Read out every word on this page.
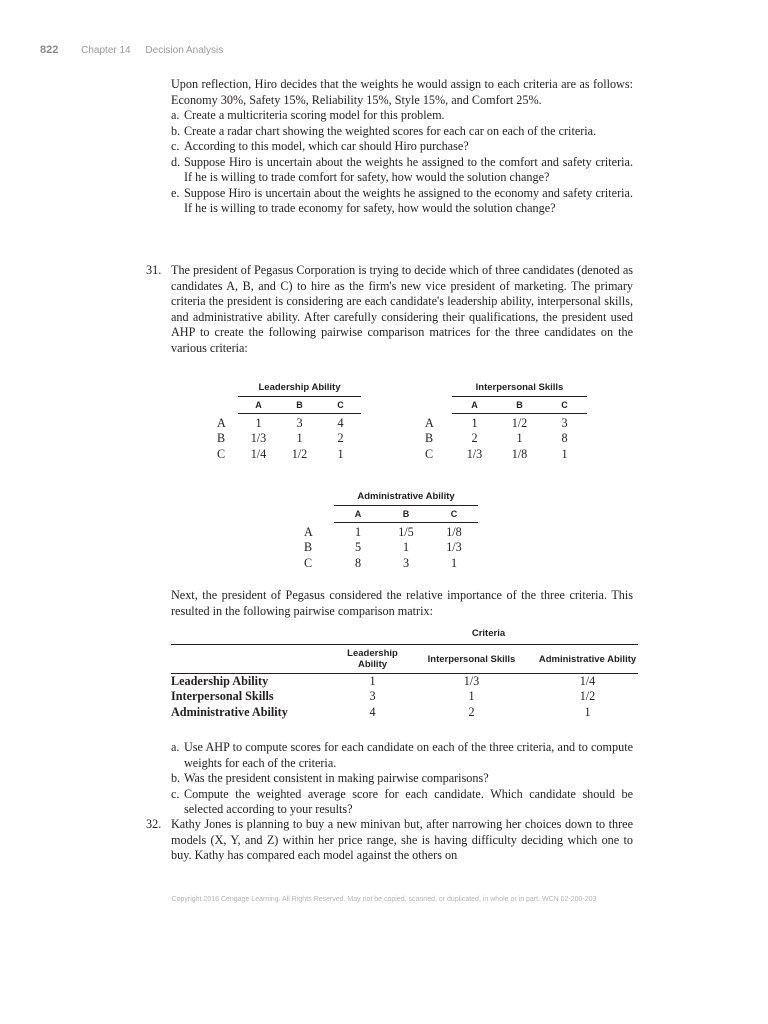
822 Chapter 14 Decision Analysis

Upon reflection, Hiro decides that the weights he would assign to each criteria are as follows: Economy 30%, Safety 15%, Reliability 15%, Style 15%, and Comfort 25%.

a. Create a multicriteria scoring model for this problem.
b. Create a radar chart showing the weighted scores for each car on each of the criteria.
c. According to this model, which car should Hiro purchase?
d. Suppose Hiro is uncertain about the weights he assigned to the comfort and safety criteria. If he is willing to trade comfort for safety, how would the solution change?
e. Suppose Hiro is uncertain about the weights he assigned to the economy and safety criteria. If he is willing to trade economy for safety, how would the solution change?
31. The president of Pegasus Corporation is trying to decide which of three candidates (denoted as candidates A, B, and C) to hire as the firm's new vice president of marketing. The primary criteria the president is considering are each candidate's leadership ability, interpersonal skills, and administrative ability. After carefully considering their qualifications, the president used AHP to create the following pairwise comparison matrices for the three candidates on the various criteria:

	Leadership Ability		
	A	B	C
A	1	3	4
B	1/3	1	2
C	1/4	1/2	1
	Interpersonal Skills		
	A	B	C
A	1	1/2	3
B	2	1	8
C	1/3	1/8	1
	Administrative Ability		
	A	B	C
A	1	1/5	1/8
B	5	1	1/3
C	8	3	1

Next, the president of Pegasus considered the relative importance of the three criteria. This resulted in the following pairwise comparison matrix:

	Criteria		
	Leadership Ability	Interpersonal Skills	Administrative Ability
Leadership Ability	1	1/3	1/4
Interpersonal Skills	3	1	1/2
Administrative Ability	4	2	1
a. Use AHP to compute scores for each candidate on each of the three criteria, and to compute weights for each of the criteria.
b. Was the president consistent in making pairwise comparisons?
c. Compute the weighted average score for each candidate. Which candidate should be selected according to your results?
32. Kathy Jones is planning to buy a new minivan but, after narrowing her choices down to three models (X, Y, and Z) within her price range, she is having difficulty deciding which one to buy. Kathy has compared each model against the others on

Copyright 2018 Cengage Learning. All Rights Reserved. May not be copied, scanned, or duplicated, in whole or in part. WCN 02-200-203
